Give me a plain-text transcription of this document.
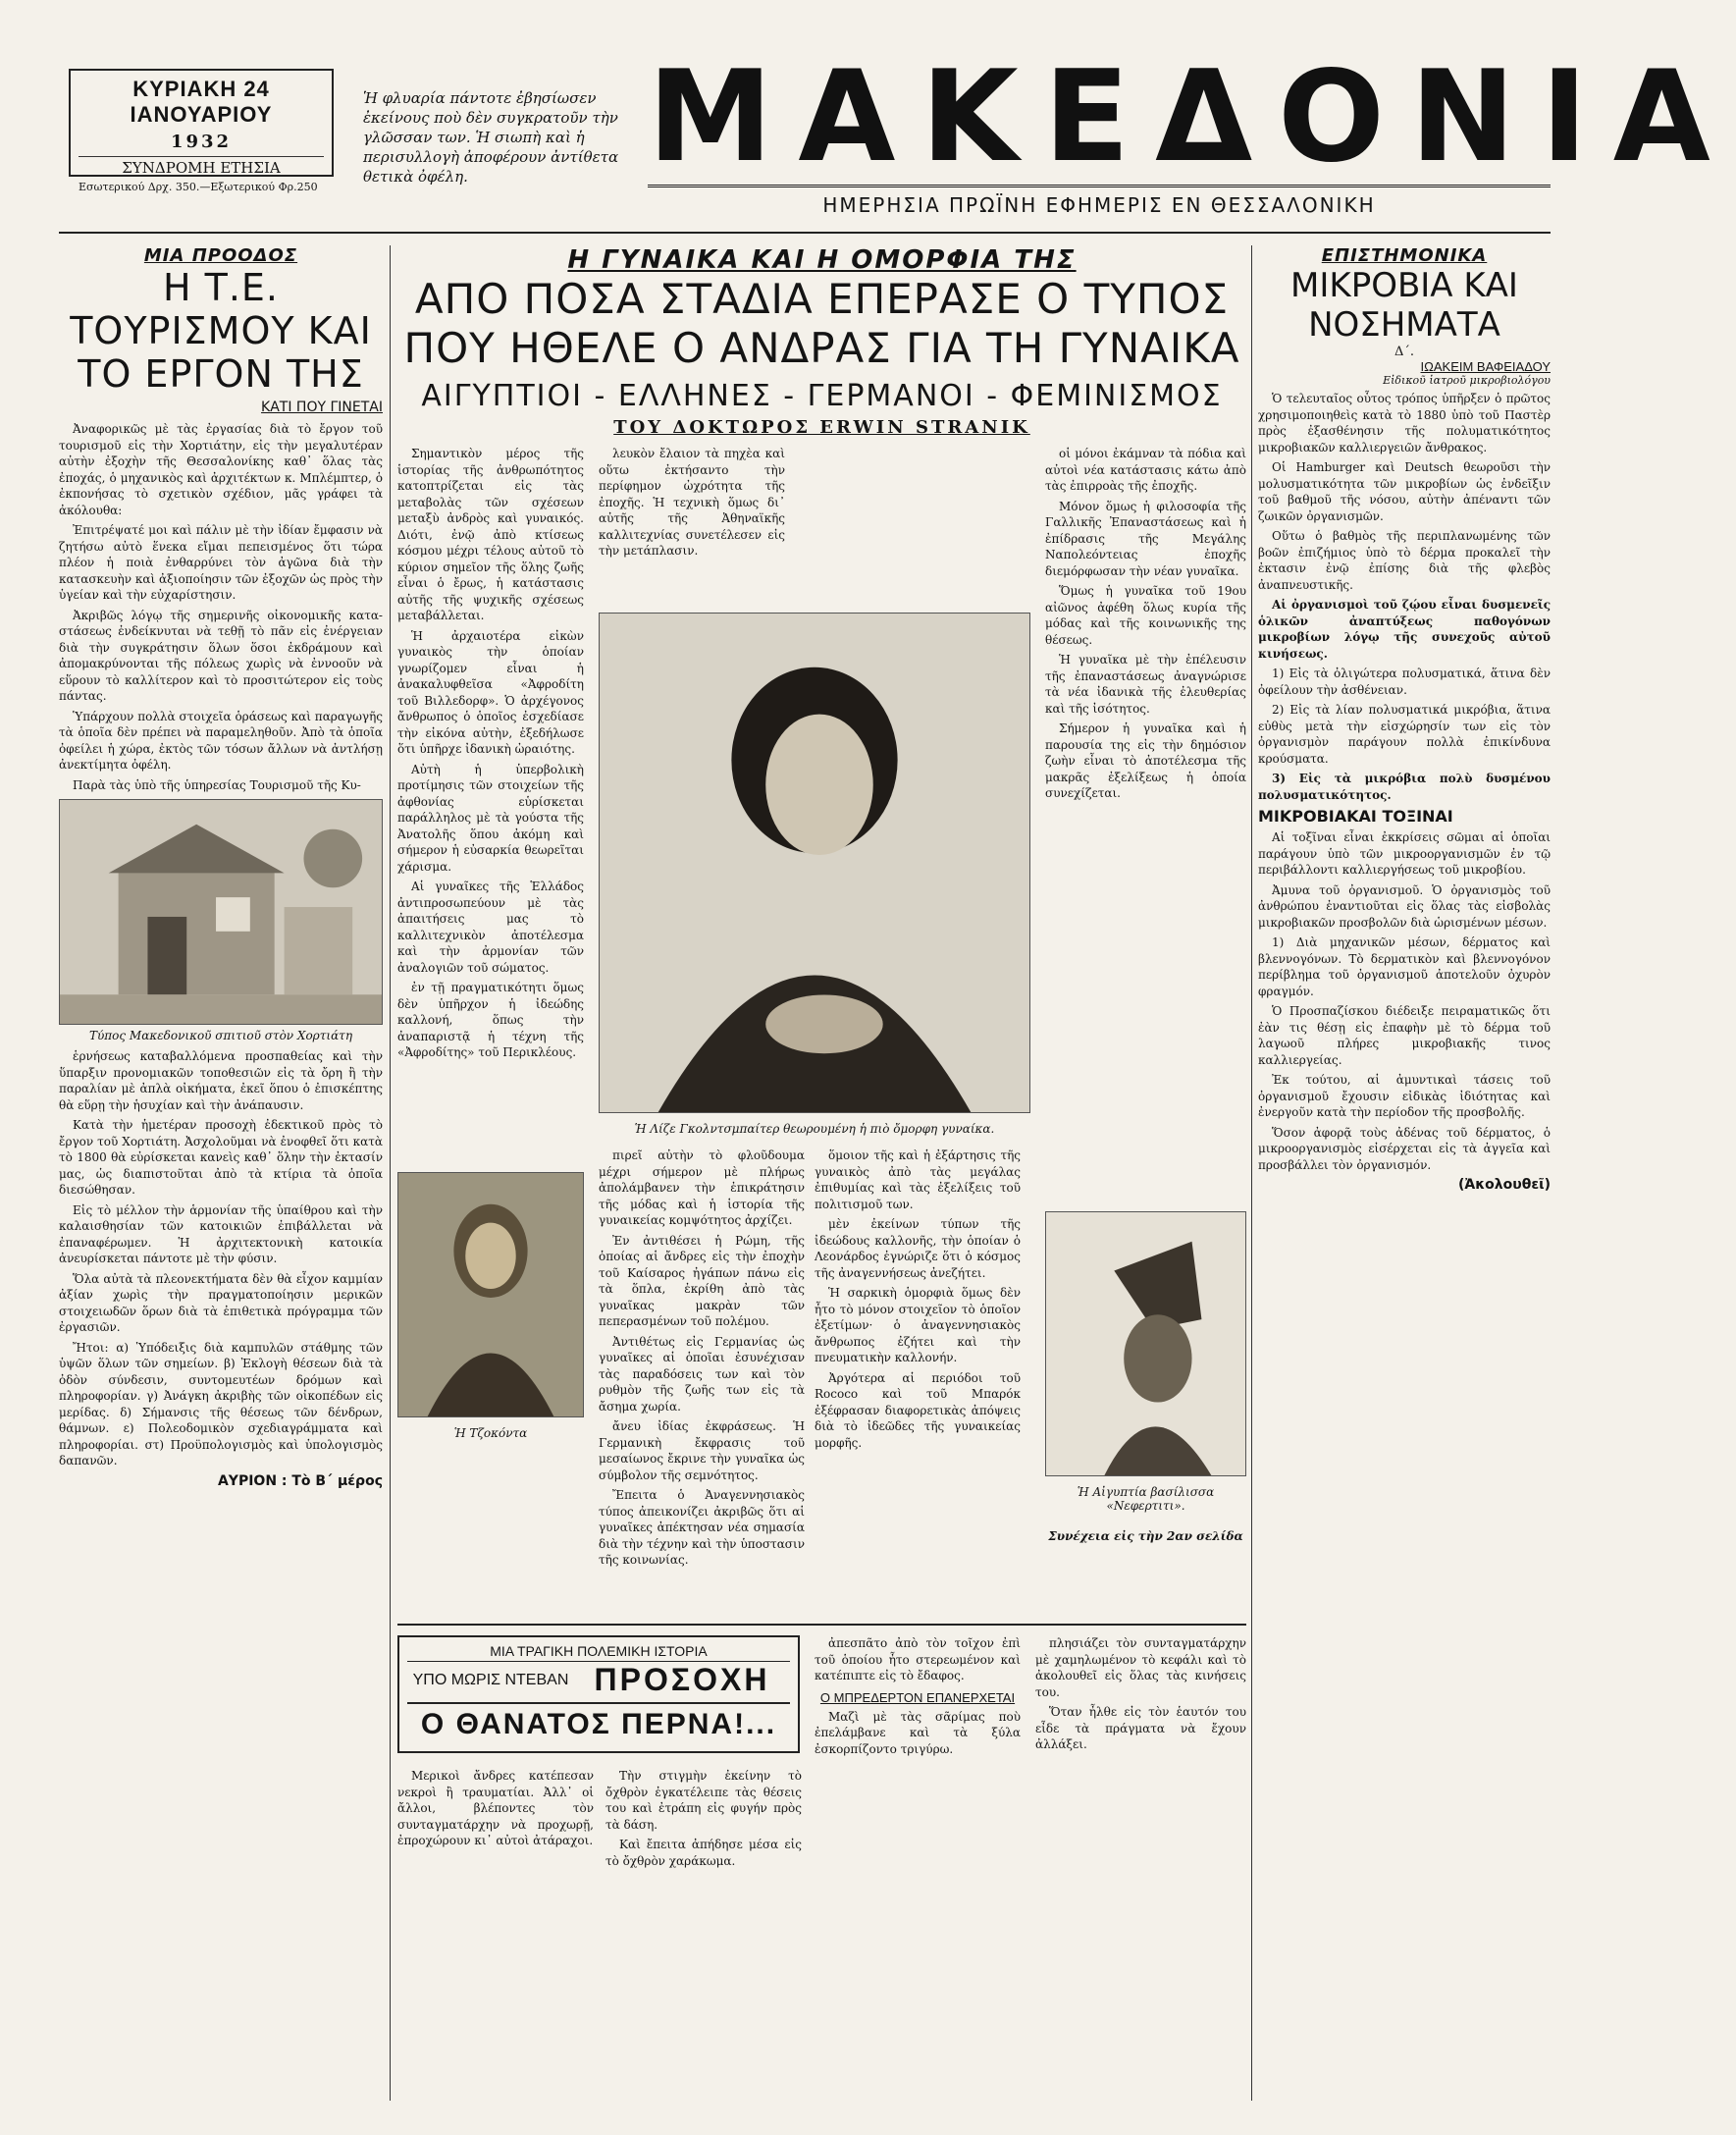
ΚΥΡΙΑΚΗ 24 ΙΑΝΟΥΑΡΙΟΥ
1932
ΣΥΝΔΡΟΜΗ ΕΤΗΣΙΑ
Εσωτερικού Δρχ. 350.—Εξωτερικού Φρ.250
Ἡ φλυαρία πάντοτε ἐβησίωσεν ἐκείνους ποὺ δὲν συγκρατοῦν τὴν γλῶσσαν των. Ἡ σιωπὴ καὶ ἡ περισυλλογὴ ἀποφέρουν ἀντίθετα θετικὰ ὀφέλη.	ΜΑΚΕΔΟΝΙΑ
ΗΜΕΡΗΣΙΑ ΠΡΩΪΝΗ ΕΦΗΜΕΡΙΣ ΕΝ ΘΕΣΣΑΛΟΝΙΚΗ
ΜΙΑ ΠΡΟΟΔΟΣ
Η Τ.Ε. ΤΟΥΡΙΣΜΟΥ ΚΑΙ ΤΟ ΕΡΓΟΝ ΤΗΣ
ΚΑΤΙ ΠΟΥ ΓΙΝΕΤΑΙ

Ἀναφορικῶς μὲ τὰς ἐργασίας διὰ τὸ ἔργον τοῦ τουρισμοῦ εἰς τὴν Χορτιάτην, εἰς τὴν μεγαλυτέραν αὐτὴν ἐξοχὴν τῆς Θεσσαλονίκης καθ᾽ ὅλας τὰς ἐποχάς, ὁ μηχανικὸς καὶ ἀρχιτέκτων κ. Μπλέμπτερ, ὁ ἐκπονήσας τὸ σχετικὸν σχέδιον, μᾶς γράφει τὰ ἀκόλουθα:

Ἐπιτρέψατέ μοι καὶ πάλιν μὲ τὴν ἰδίαν ἔμφασιν νὰ ζητήσω αὐτὸ ἕνεκα εἴμαι πεπεισμένος ὅτι τώρα πλέον ἡ ποιὰ ἐνθαρρύνει τὸν ἀγῶνα διὰ τὴν κατασκευὴν καὶ ἀξιοποίησιν τῶν ἐξοχῶν ὡς πρὸς τὴν ὑγείαν καὶ τὴν εὐχαρίστησιν.

Ἀκριβῶς λόγῳ τῆς σημερινῆς οἰκονομικῆς κατα- στάσεως ἐνδείκνυται νὰ τεθῇ τὸ πᾶν εἰς ἐνέργειαν διὰ τὴν συγκράτησιν ὅλων ὅσοι ἐκδράμουν καὶ ἀπομακρύνονται τῆς πόλεως χωρὶς νὰ ἐννοοῦν νὰ εὕρουν τὸ καλλίτερον καὶ τὸ προσιτώτερον εἰς τοὺς πάντας.

Ὑπάρχουν πολλὰ στοιχεῖα ὁράσεως καὶ παραγωγῆς τὰ ὁποῖα δὲν πρέπει νὰ παραμεληθοῦν. Ἀπὸ τὰ ὁποῖα ὀφείλει ἡ χώρα, ἐκτὸς τῶν τόσων ἄλλων νὰ ἀντλήσῃ ἀνεκτίμητα ὀφέλη.

Παρὰ τὰς ὑπὸ τῆς ὑπηρεσίας Τουρισμοῦ τῆς Κυ-

Τύπος Μακεδονικοῦ σπιτιοῦ στὸν Χορτιάτη

ἑρνήσεως καταβαλλόμενα προσπαθείας καὶ τὴν ὕπαρξιν προνομιακῶν τοποθεσιῶν εἰς τὰ ὄρη ἢ τὴν παραλίαν μὲ ἀπλὰ οἰκήματα, ἐκεῖ ὅπου ὁ ἐπισκέπτης θὰ εὕρῃ τὴν ἡσυχίαν καὶ τὴν ἀνάπαυσιν.

Κατὰ τὴν ἡμετέραν προσοχὴ ἐδεκτικοῦ πρὸς τὸ ἔργον τοῦ Χορτιάτη. Ἀσχολοῦμαι νὰ ἐνοφθεῖ ὅτι κατὰ τὸ 1800 θὰ εὐρίσκεται κανεὶς καθ᾽ ὅλην τὴν ἐκτασίν μας, ὡς διαπιστοῦται ἀπὸ τὰ κτίρια τὰ ὁποῖα διεσώθησαν.

Εἰς τὸ μέλλον τὴν ἁρμονίαν τῆς ὑπαίθρου καὶ τὴν καλαισθησίαν τῶν κατοικιῶν ἐπιβάλλεται νὰ ἐπαναφέρωμεν. Ἡ ἀρχιτεκτονικὴ κατοικία ἀνευρίσκεται πάντοτε μὲ τὴν φύσιν.

Ὅλα αὐτὰ τὰ πλεονεκτήματα δὲν θὰ εἶχον καμμίαν ἀξίαν χωρὶς τὴν πραγματοποίησιν μερικῶν στοιχειωδῶν ὅρων διὰ τὰ ἐπιθετικὰ πρόγραμμα τῶν ἐργασιῶν.

Ἤτοι: α) Ὑπόδειξις διὰ καμπυλῶν στάθμης τῶν ὑψῶν ὅλων τῶν σημείων. β) Ἐκλογὴ θέσεων διὰ τὰ ὀδὸν σύνδεσιν, συντομευτέων δρόμων καὶ πληροφορίαν. γ) Ἀνάγκη ἀκριβὴς τῶν οἰκοπέδων εἰς μερίδας. δ) Σήμανσις τῆς θέσεως τῶν δένδρων, θάμνων. ε) Πολεοδομικὸν σχεδιαγράμματα καὶ πληροφορίαι. στ) Προϋπολογισμὸς καὶ ὑπολογισμὸς δαπανῶν.

ΑΥΡΙΟΝ : Τὸ Β´ μέρος
Η ΓΥΝΑΙΚΑ ΚΑΙ Η ΟΜΟΡΦΙΑ ΤΗΣ
ΑΠΟ ΠΟΣΑ ΣΤΑΔΙΑ ΕΠΕΡΑΣΕ Ο ΤΥΠΟΣ ΠΟΥ ΗΘΕΛΕ Ο ΑΝΔΡΑΣ ΓΙΑ ΤΗ ΓΥΝΑΙΚΑ
ΑΙΓΥΠΤΙΟΙ - ΕΛΛΗΝΕΣ - ΓΕΡΜΑΝΟΙ - ΦΕΜΙΝΙΣΜΟΣ
ΤΟΥ ΔΟΚΤΩΡΟΣ ERWIN STRANIK

Σημαντικὸν μέρος τῆς ἱστορίας τῆς ἀνθρωπότητος κατοπτρίζεται εἰς τὰς μεταβολὰς τῶν σχέσεων μεταξὺ ἀνδρὸς καὶ γυναικός. Διότι, ἐνῷ ἀπὸ κτίσεως κόσμου μέχρι τέλους αὐτοῦ τὸ κύριον σημεῖον τῆς ὅλης ζωῆς εἶναι ὁ ἔρως, ἡ κατάστασις αὐτῆς τῆς ψυχικῆς σχέσεως μεταβάλλεται.

Ἡ ἀρχαιοτέρα εἰκὼν γυναικὸς τὴν ὁποίαν γνωρίζομεν εἶναι ἡ ἀνακαλυφθεῖσα «Ἀφροδίτη τοῦ Βιλλεδορφ». Ὁ ἀρχέγονος ἄνθρωπος ὁ ὁποῖος ἐσχεδίασε τὴν εἰκόνα αὐτὴν, ἐξεδήλωσε ὅτι ὑπῆρχε ἰδανικὴ ὠραιότης.

Αὐτὴ ἡ ὑπερβολικὴ προτίμησις τῶν στοιχείων τῆς ἀφθονίας εὑρίσκεται παράλληλος μὲ τὰ γούστα τῆς Ἀνατολῆς ὅπου ἀκόμη καὶ σήμερον ἡ εὐσαρκία θεωρεῖται χάρισμα.

Αἱ γυναῖκες τῆς Ἑλλάδος ἀντιπροσωπεύουν μὲ τὰς ἀπαιτήσεις μας τὸ καλλιτεχνικὸν ἀποτέλεσμα καὶ τὴν ἀρμονίαν τῶν ἀναλογιῶν τοῦ σώματος.

ἐν τῇ πραγματικότητι ὅμως δὲν ὑπῆρχον ἡ ἰδεώδης καλλονή, ὅπως τὴν ἀναπαριστᾷ ἡ τέχνη τῆς «Ἀφροδίτης» τοῦ Περικλέους.

Ἡ Τζοκόντα

λευκὸν ἔλαιον τὰ πηχὲα καὶ οὕτω ἐκτήσαντο τὴν περίφημον ὠχρότητα τῆς ἐποχῆς. Ἡ τεχνικὴ ὅμως δι᾽ αὐτῆς τῆς Ἀθηναϊκῆς καλλιτεχνίας συνετέλεσεν εἰς τὴν μετάπλασιν.

Ἡ Λίζε Γκολντσμπαίτερ θεωρουμένη ἡ πιὸ ὄμορφη γυναίκα.

πιρεῖ αὐτὴν τὸ φλοῦδουμα μέχρι σήμερον μὲ πλήρως ἀπολάμβανεν τὴν ἐπικράτησιν τῆς μόδας καὶ ἡ ἱστορία τῆς γυναικείας κομψότητος ἀρχίζει.

Ἐν ἀντιθέσει ἡ Ρώμη, τῆς ὁποίας αἱ ἄνδρες εἰς τὴν ἐποχὴν τοῦ Καίσαρος ἠγάπων πάνω εἰς τὰ ὅπλα, ἐκρίθη ἀπὸ τὰς γυναῖκας μακρὰν τῶν πεπερασμένων τοῦ πολέμου.

Ἀντιθέτως εἰς Γερμανίας ὡς γυναῖκες αἱ ὁποῖαι ἐσυνέχισαν τὰς παραδόσεις των καὶ τὸν ρυθμὸν τῆς ζωῆς των εἰς τὰ ἄσημα χωρία.

ἄνευ ἰδίας ἐκφράσεως. Ἡ Γερμανικὴ ἔκφρασις τοῦ μεσαίωνος ἔκρινε τὴν γυναῖκα ὡς σύμβολον τῆς σεμνότητος.

Ἔπειτα ὁ Ἀναγεννησιακὸς τύπος ἀπεικονίζει ἀκριβῶς ὅτι αἱ γυναῖκες ἀπέκτησαν νέα σημασία διὰ τὴν τέχνην καὶ τὴν ὑποστασιν τῆς κοινωνίας.

ὅμοιον τῆς καὶ ἡ ἐξάρτησις τῆς γυναικὸς ἀπὸ τὰς μεγάλας ἐπιθυμίας καὶ τὰς ἐξελίξεις τοῦ πολιτισμοῦ των.

μὲν ἐκείνων τύπων τῆς ἰδεώδους καλλονῆς, τὴν ὁποίαν ὁ Λεονάρδος ἐγνώριζε ὅτι ὁ κόσμος τῆς ἀναγεννήσεως ἀνεζήτει.

Ἡ σαρκικὴ ὁμορφιὰ ὅμως δὲν ἦτο τὸ μόνον στοιχεῖον τὸ ὁποῖον ἐξετίμων· ὁ ἀναγεννησιακὸς ἄνθρωπος ἐζήτει καὶ τὴν πνευματικὴν καλλονήν.

Ἀργότερα αἱ περιόδοι τοῦ Rococo καὶ τοῦ Μπαρόκ ἐξέφρασαν διαφορετικὰς ἀπόψεις διὰ τὸ ἰδεῶδες τῆς γυναικείας μορφῆς.

οἱ μόνοι ἐκάμναν τὰ πόδια καὶ αὐτοὶ νέα κατάστασις κάτω ἀπὸ τὰς ἐπιρροὰς τῆς ἐποχῆς.

Μόνον ὅμως ἡ φιλοσοφία τῆς Γαλλικῆς Ἐπαναστάσεως καὶ ἡ ἐπίδρασις τῆς Μεγάλης Ναπολεόντειας ἐποχῆς διεμόρφωσαν τὴν νέαν γυναῖκα.

Ὅμως ἡ γυναῖκα τοῦ 19ου αἰῶνος ἀφέθη ὅλως κυρία τῆς μόδας καὶ τῆς κοινωνικῆς της θέσεως.

Ἡ γυναῖκα μὲ τὴν ἐπέλευσιν τῆς ἐπαναστάσεως ἀναγνώρισε τὰ νέα ἰδανικὰ τῆς ἐλευθερίας καὶ τῆς ἰσότητος.

Σήμερον ἡ γυναῖκα καὶ ἡ παρουσία της εἰς τὴν δημόσιον ζωὴν εἶναι τὸ ἀποτέλεσμα τῆς μακρᾶς ἐξελίξεως ἡ ὁποία συνεχίζεται.

Ἡ Αἰγυπτία βασίλισσα «Νεφερτιτι».
Συνέχεια εἰς τὴν 2αν σελίδα
ΜΙΑ ΤΡΑΓΙΚΗ ΠΟΛΕΜΙΚΗ ΙΣΤΟΡΙΑ
ΥΠΟ ΜΩΡΙΣ ΝΤΕΒΑΝ ΠΡΟΣΟΧΗ
Ο ΘΑΝΑΤΟΣ ΠΕΡΝΑ!...

Μερικοὶ ἄνδρες κατέπεσαν νεκροὶ ἢ τραυματίαι. Ἀλλ᾽ οἱ ἄλλοι, βλέποντες τὸν συνταγματάρχην νὰ προχωρῇ, ἐπροχώρουν κι᾽ αὐτοὶ ἀτάραχοι.

Τὴν στιγμὴν ἐκείνην τὸ ὄχθρὸν ἐγκατέλειπε τὰς θέσεις του καὶ ἐτράπη εἰς φυγήν πρὸς τὰ δάση.

Καὶ ἔπειτα ἀπήδησε μέσα εἰς τὸ ὄχθρὸν χαράκωμα.

ἀπεσπᾶτο ἀπὸ τὸν τοῖχον ἐπὶ τοῦ ὁποίου ἦτο στερεωμένον καὶ κατέπιπτε εἰς τὸ ἔδαφος.

Ο ΜΠΡΕΔΕΡΤΟΝ ΕΠΑΝΕΡΧΕΤΑΙ

Μαζὶ μὲ τὰς σᾶρίμας ποὺ ἐπελάμβανε καὶ τὰ ξύλα ἐσκορπίζοντο τριγύρω.

πλησιάζει τὸν συνταγματάρχην μὲ χαμηλωμένον τὸ κεφάλι καὶ τὸ ἀκολουθεῖ εἰς ὅλας τὰς κινήσεις του.

Ὅταν ἦλθε εἰς τὸν ἑαυτόν του εἶδε τὰ πράγματα νὰ ἔχουν ἀλλάξει.

ΕΠΙΣΤΗΜΟΝΙΚΑ
ΜΙΚΡΟΒΙΑ ΚΑΙ ΝΟΣΗΜΑΤΑ
Δ´.
ΙΩΑΚΕΙΜ ΒΑΦΕΙΑΔΟΥ
Εἰδικοῦ ἰατροῦ μικροβιολόγου

Ὁ τελευταῖος οὗτος τρόπος ὑπῆρξεν ὁ πρῶτος χρησιμοποιηθεὶς κατὰ τὸ 1880 ὑπὸ τοῦ Παστὲρ πρὸς ἐξασθένησιν τῆς πολυματικότητος μικροβιακῶν καλλιεργειῶν ἄνθρακος.

Οἱ Hamburger καὶ Deutsch θεωροῦσι τὴν μολυσματικότητα τῶν μικροβίων ὡς ἐνδεῖξιν τοῦ βαθμοῦ τῆς νόσου, αὐτὴν ἀπέναντι τῶν ζωικῶν ὀργανισμῶν.

Οὕτω ὁ βαθμὸς τῆς περιπλανωμένης τῶν βοῶν ἐπιζήμιος ὑπὸ τὸ δέρμα προκαλεῖ τὴν ἐκτασιν ἐνῷ ἐπίσης διὰ τῆς φλεβὸς ἀναπνευστικῆς.

Αἱ ὀργανισμοὶ τοῦ ζῴου εἶναι δυσμενεῖς ὁλικῶν ἀναπτύξεως παθογόνων μικροβίων λόγῳ τῆς συνεχοῦς αὐτοῦ κινήσεως.

1) Εἰς τὰ ὀλιγώτερα πολυσματικά, ἅτινα δὲν ὀφείλουν τὴν ἀσθένειαν.

2) Εἰς τὰ λίαν πολυσματικά μικρόβια, ἅτινα εὐθὺς μετὰ τὴν εἰσχώρησίν των εἰς τὸν ὀργανισμὸν παράγουν πολλὰ ἐπικίνδυνα κρούσματα.

3) Εἰς τὰ μικρόβια πολὺ δυσμένου πολυσματικότητος.

ΜΙΚΡΟΒΙΑΚΑΙ ΤΟΞΙΝΑΙ

Αἱ τοξῖναι εἶναι ἐκκρίσεις σῶμαι αἱ ὁποῖαι παράγουν ὑπὸ τῶν μικροοργανισμῶν ἐν τῷ περιβάλλοντι καλλιεργήσεως τοῦ μικροβίου.

Ἀμυνα τοῦ ὀργανισμοῦ. Ὁ ὀργανισμὸς τοῦ ἀνθρώπου ἐναντιοῦται εἰς ὅλας τὰς εἰσβολὰς μικροβιακῶν προσβολῶν διὰ ὡρισμένων μέσων.

1) Διὰ μηχανικῶν μέσων, δέρματος καὶ βλεννογόνων. Τὸ δερματικὸν καὶ βλεννογόνον περίβλημα τοῦ ὀργανισμοῦ ἀποτελοῦν ὀχυρὸν φραγμόν.

Ὁ Προσπαζίσκου διέδειξε πειραματικῶς ὅτι ἐὰν τις θέσῃ εἰς ἐπαφὴν μὲ τὸ δέρμα τοῦ λαγωοῦ πλήρες μικροβιακῆς τινος καλλιεργείας.

Ἐκ τούτου, αἱ ἀμυντικαὶ τάσεις τοῦ ὀργανισμοῦ ἔχουσιν εἰδικὰς ἰδιότητας καὶ ἐνεργοῦν κατὰ τὴν περίοδον τῆς προσβολῆς.

Ὅσον ἀφορᾷ τοὺς ἀδένας τοῦ δέρματος, ὁ μικροοργανισμὸς εἰσέρχεται εἰς τὰ ἀγγεῖα καὶ προσβάλλει τὸν ὀργανισμόν.

(Ἀκολουθεῖ)
